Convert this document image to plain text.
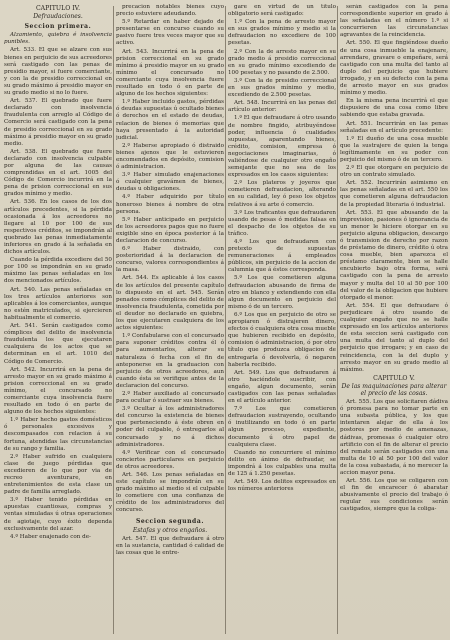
CAPITULO IV.
Defraudaciones.
Seccion primera.
Alzamiento, quiebra é insolvencia punibles.

Art. 533. El que se alzare con sus bienes en perjuicio de sus acreedores será castigado con las penas de presidio mayor, si fuere comerciante, y con la de presidio correccional en su grado máximo á presidio mayor en su grado medio si no lo fuere.

Art. 537. El quebrado que fuere declarado con insolvencia fraudulenta con arreglo al Código de Comercio será castigado con la pena de presidio correccional en su grado máximo á presidio mayor en su grado medio.

Art. 538. El quebrado que fuere declarado con insolvencia culpable por alguna de las causas comprendidas en el art. 1005 del Código de Comercio incurrirá en la pena de prision correccional en sus grados mínimo y medio.

Art. 536. En los casos de los dos artículos precedentes, si la pérdida ocasionada á los acreedores no llegare al 10 por 100 de sus respectivos créditos, se impondrán al quebrado las penas inmediatamente inferiores en grado á la señalada en dichos artículos.

Cuando la pérdida excediere del 50 por 100 se impondrán en su grado máximo las penas señaladas en los dos mencionados artículos.

Art. 540. Las penas señaladas en los tres artículos anteriores son aplicables á los comerciantes, aunque no estén matriculados, si ejercieren habitualmente el comercio.

Art. 541. Serán castigados como cómplices del delito de insolvencia fraudulenta los que ejecutaren cualquiera de los actos que se determinan en el art. 1010 del Código de Comercio.

Art. 542. Incurrirá en la pena de arresto mayor en su grado máximo á prision correccional en su grado mínimo, el concursado no comerciante cuya insolvencia fuere resultado en todo ó en parte de alguno de los hechos siguientes:

1.º Haber hecho gastos domésticos ó personales excesivos y descompasados con relacion á su fortuna, atendidas las circunstancias de su rango y familia.

2.º Haber sufrido en cualquiera clase de juego pérdidas que excedieren de lo que por via de recreo aventurare, en entretenimientos de esta clase un padre de familia arreglado.

3.º Haber tenido pérdidas en apuestas cuantiosas, compras y ventas simuladas ú otras operaciones de agiotaje, cuyo éxito dependa exclusivamente del azar.

4.º Haber enajenado con de-

precacion notables bienes cuyo precio estuviere adeudando.

5.º Retardar en haber dejado de presentarse en concurso cuando su pasivo fuere tres veces mayor que su activo.

Art. 543. Incurrirá en la pena de prision correccional en su grado mínimo á presidio mayor en su grado mínimo el concursado no comerciante cuya insolvencia fuere resultado en todo ó en parte de alguno de los hechos siguientes:

1.º Haber incluido gastos, pérdidas ó deudas supuestas ú ocultado bienes ó derechos en el estado de deudas, relacion de bienes ó memorias que haya presentado á la autoridad judicial.

2.º Haberse apropiado ó distraido bienes ajenos que le estuvieren encomendados en depósito, comision ó administracion.

3.º Haber simulado enajenaciones ó cualquier gravámen de bienes, deudas u obligaciones.

4.º Haber adquirido por título honeroso bienes á nombre de otra persona.

5.º Haber anticipado en perjuicio de los acreedores pagos que no fuere exigible sino en época posterior á la declaracion de concurso.

6.º Haber distraido, con posterioridad á la declaracion de concurso, valores correspondientes á la masa.

Art. 544. Es aplicable á los casos de los artículos del presente capítulo lo dispuesto en el art. 545. Serán penados como cómplices del delito de insolvencia fraudulenta, cometida por el deudor no declarado en quiebra, los que ejecutaren cualquiera de los actos siguientes:

1.º Confabularse con el concursado para suponer créditos contra él ó para aumentarlos, alterar su naturaleza ó fecha con el fin de anteponerse en la graduacion con perjuicio de otros acreedores, aun cuando ésta se verifique antes de la declaracion del concurso.

2.º Haber auxiliado al concursado para ocultar ó sustraer sus bienes.

3.º Ocultar á los administradores del concurso la existencia de bienes que perteneciendo á éste obren en poder del culpable, ó entregarlos al concursado y no á dichos administradores.

4.º Verificar con el concursado conciertos particulares en perjuicio de otros acreedores.

Art. 546. Los penas señaladas en este capítulo se impondrán en su grado máximo al medio si el culpable lo cometiere con una confianza de crédito de los administradores del concurso.

Seccion segunda.
Estafas y otros engaños.

Art. 547. El que defraudare á otro en la sustancia, cantidad ó calidad de las cosas que le entre-

gare en virtud de un título obligatorio será castigado:

1.º Con la pena de arresto mayor en sus grados mínimo y medio si la defraudacion no excediere de 100 pesetas.

2.º Con la de arresto mayor en su grado medio á presidio correccional en su grado mínimo excediendo de 100 pesetas y no pasando de 2.500.

3.º Con la de presidio correccional en sus grados mínimo y medio, excediendo de 2.500 pesetas.

Art. 548. Incurrirá en las penas del artículo anterior:

1.º El que defraudare á otro usando de nombre fingido, atribuyéndose poder, influencia ó cualidades supuestas, aparentando bienes, crédito, comision, empresa ó negociaciones imaginarias, ó valiéndose de cualquier otro engaño semejante que no sea de los expresados en los casos siguientes:

2.º Los plateros y joyeros que cometieren defraudacion, alterando en su calidad, ley ó peso los objetos relativos á su arte ó comercio.

3.º Los traficantes que defraudaren usando de pesas ó medidas falsas en el despacho de los objetos de su tráfico.

4.º Los que defraudaren con pretexto de supuestas remuneraciones á empleados públicos, sin perjuicio de la accion de calumnia que á éstos corresponda.

5.º Los que cometieren alguna defraudacion abusando de firma de otro en blanco y extendiendo con ella algun documento en perjuicio del mismo ó de un tercero.

6.º Los que en perjuicio de otro se apropiaren ó distrajeren dinero, efectos ó cualquiera otra cosa mueble que hubieren recibido en depósito, comision ó administracion, ó por otro título que produzca obligacion de entregarla ó devolverla, ó negaren haberla recibido.

Art. 549. Los que defraudaren á otro haciéndole suscribir, con engaño, algun documento, serán castigados con las penas señaladas en el artículo anterior.

7.º Los que cometieren defraudacion sustrayendo, ocultando ó inutilizando en todo ó en parte algun proceso, expediente, documento ú otro papel de cualquiera clase.

Cuando no concurriere el mínimo delito en ánimo de defraudar, se impondrá á los culpables una multa de 125 á 1.250 pesetas.

Art. 549. Los delitos expresados en los números anteriores

serán castigados con la pena correspondiente superior en grado á las señaladas en el número 1.º si concurrieren las circunstancias agravantes de la reincidencia.

Art. 550. El que fingiéndose dueño de una cosa inmueble la enajenare, arrendare, gravare o empeñare, será castigado con una multa del tanto al duplo del perjuicio que hubiere irrogado, y en su defecto con la pena de arresto mayor en sus grados mínimo y medio.

En la misma pena incurrirá el que dispusiere de una cosa como libre sabiendo que estaba gravada.

Art. 551. Incurrirán en las penas señaladas en el artículo precedente:

1.º El dueño de una cosa mueble que la sustrajere de quien la tenga legítimamente en su poder con perjuicio del mismo ó de un tercero.

2.º El que otorgare en perjuicio de otro un contrato simulado.

Art. 552. Incurrirán asimismo en las penas señaladas en el art. 550 los que cometieren alguna defraudacion de la propiedad literaria ó industrial.

Art. 553. El que abusando de la imprevision, pasiones ó ignorancia de un menor le hiciere otorgar en su perjuicio alguna obligacion, descargo ó transmision de derecho por razon de préstamo de dinero, crédito ú otra cosa mueble, bien aparezca el préstamo claramente, bien se halle encubierto bajo otra forma, será castigado con la pena de arresto mayor y multa del 10 al 50 por 100 del valor de la obligacion que hubiere otorgado el menor.

Art. 554. El que defraudare ó perjudicare á otro usando de cualquier engaño que no se halle expresado en los artículos anteriores de esta seccion será castigado con una multa del tanto al duplo del perjuicio que irrogare; y en caso de reincidencia, con la del duplo y arresto mayor en su grado medio al máximo.

CAPITULO V.
De las maquinaciones para alterar el precio de las cosas.

Art. 555. Los que solicitaren dádiva ó promesa para no tomar parte en una subasta pública, y los que intentaren alejar de ella á los postores por medio de amenazas, dádivas, promesas ó cualquier otro artificio con el fin de alterar el precio del remate serán castigados con una multa de 10 al 50 por 100 del valor de la cosa subastada, á no merecer la accion mayor pena.

Art. 556. Los que se coligaren con el fin de encarecer ó abaratar abusivamente el precio del trabajo ó regular sus condiciones serán castigados, siempre que la coliga-
